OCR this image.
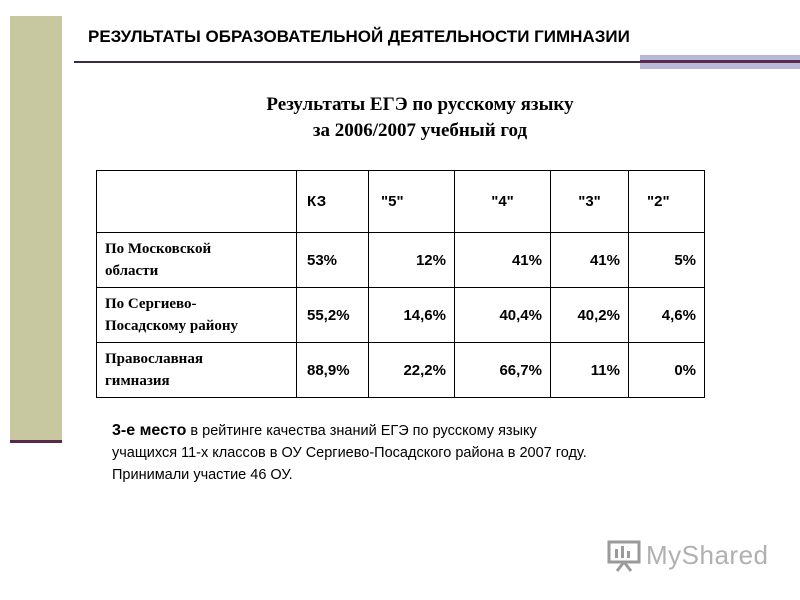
РЕЗУЛЬТАТЫ ОБРАЗОВАТЕЛЬНОЙ ДЕЯТЕЛЬНОСТИ ГИМНАЗИИ
Результаты ЕГЭ по русскому языку
за 2006/2007 учебный год
	КЗ	"5"	"4"	"3"	"2"
По Московской
области	53%	12%	41%	41%	5%
По Сергиево-
Посадскому району	55,2%	14,6%	40,4%	40,2%	4,6%
Православная
гимназия	88,9%	22,2%	66,7%	11%	0%
3-е место в рейтинге качества знаний ЕГЭ по русскому языку
учащихся 11-х классов в ОУ Сергиево-Посадского района в 2007 году.
Принимали участие 46 ОУ.
MyShared
